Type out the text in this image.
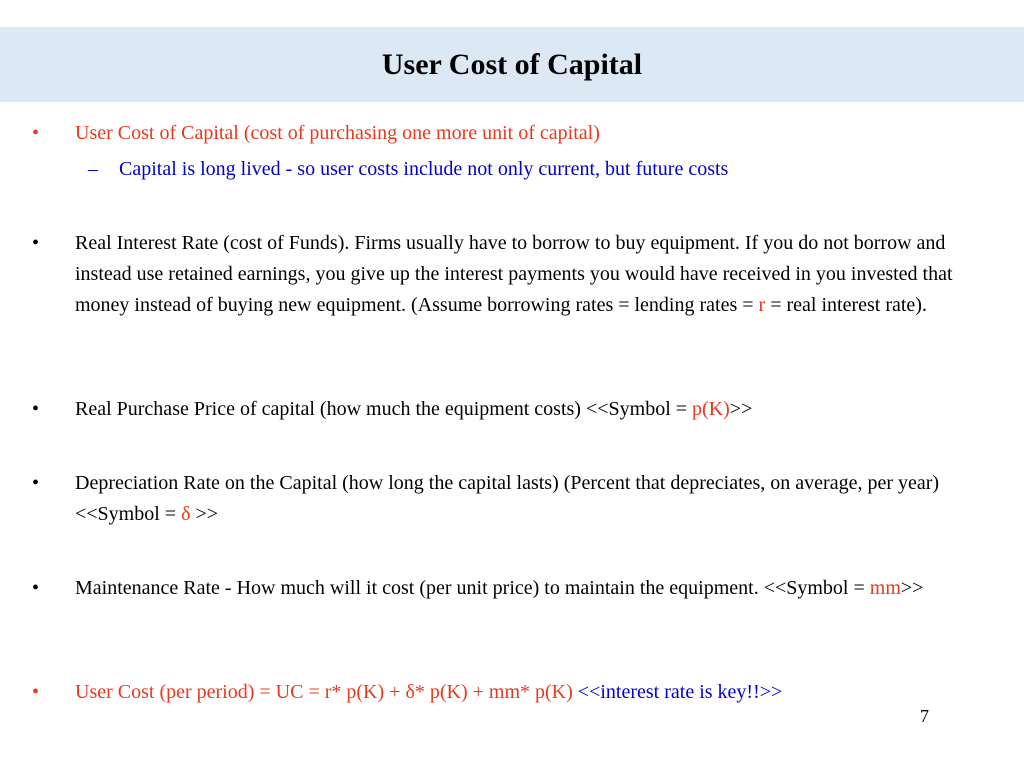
User Cost of Capital
•	User Cost of Capital (cost of purchasing one more unit of capital)
– Capital is long lived - so user costs include not only current, but future costs
•	Real Interest Rate (cost of Funds). Firms usually have to borrow to buy equipment. If you do not borrow and instead use retained earnings, you give up the interest payments you would have received in you invested that money instead of buying new equipment. (Assume borrowing rates = lending rates = r = real interest rate).
•	Real Purchase Price of capital (how much the equipment costs) <<Symbol = p(K)>>
•	Depreciation Rate on the Capital (how long the capital lasts) (Percent that depreciates, on average, per year) <<Symbol = δ >>
•	Maintenance Rate - How much will it cost (per unit price) to maintain the equipment. <<Symbol = mm>>
•	User Cost (per period) = UC = r* p(K) + δ* p(K) + mm* p(K) <<interest rate is key!!>>
7
